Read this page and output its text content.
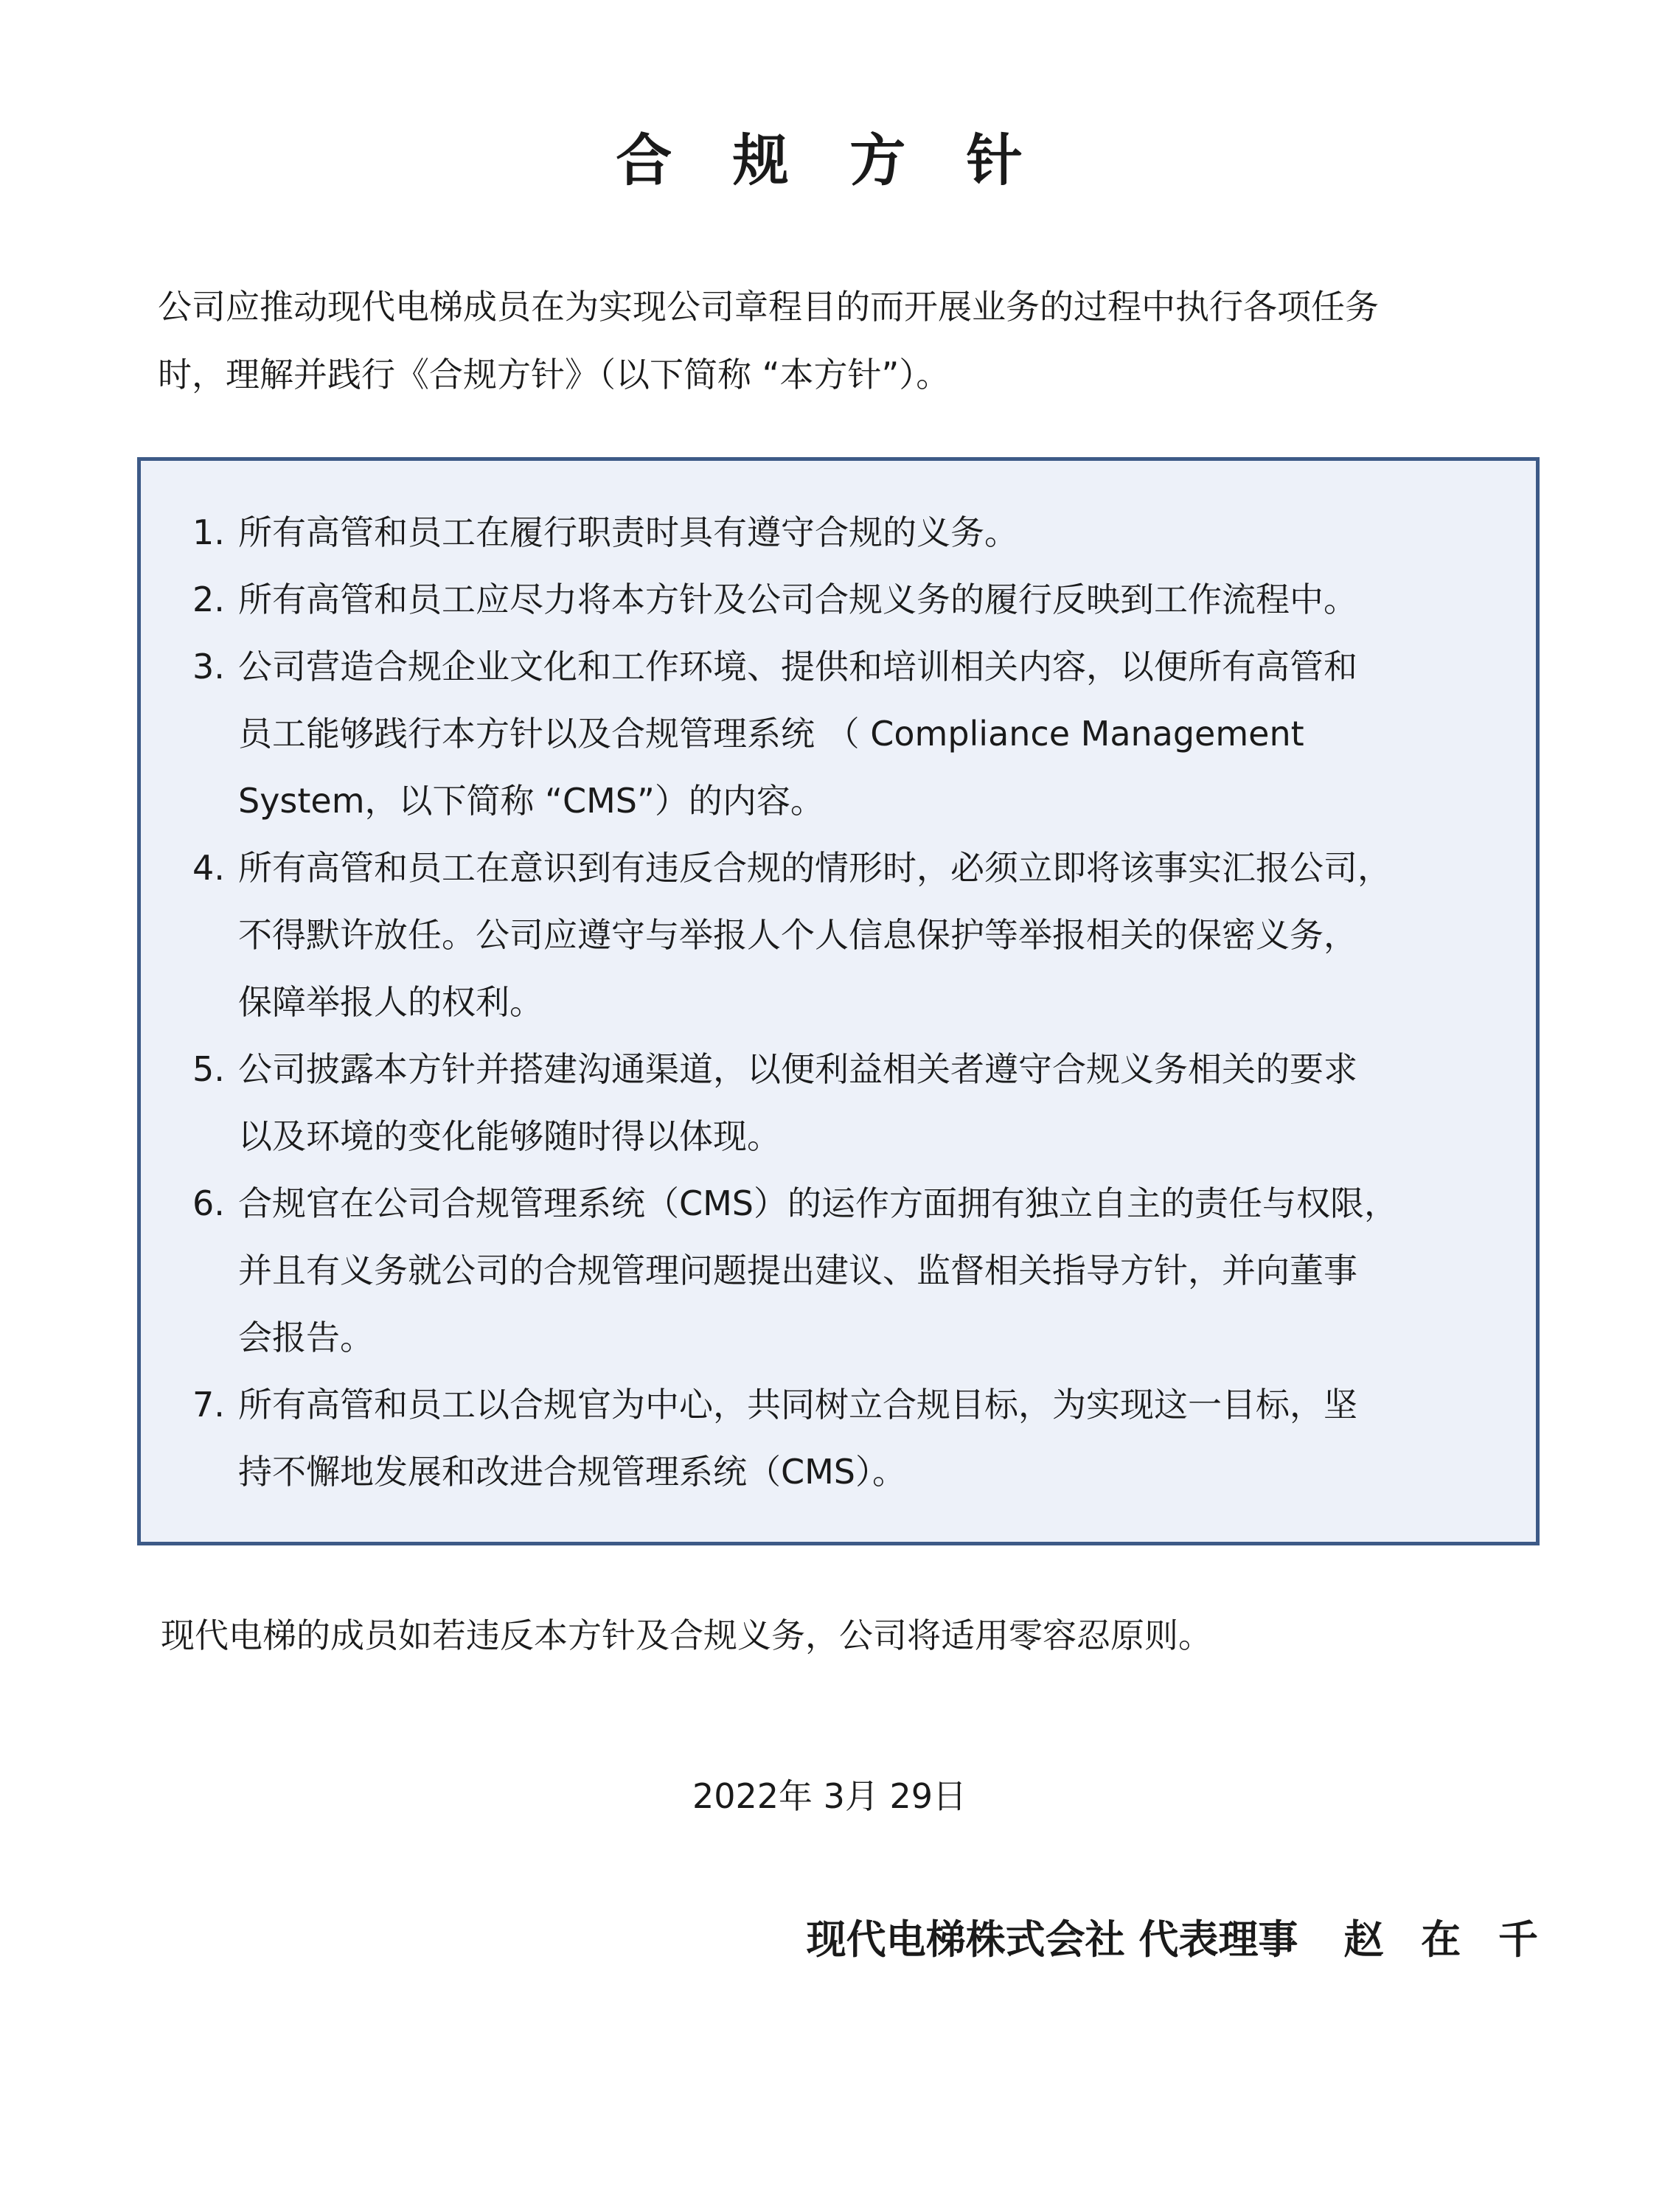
合 规 方 针

公司应推动现代电梯成员在为实现公司章程目的而开展业务的过程中执行各项任务

时，理解并践行《合规方针》（以下简称 “本方针”）。

1. 所有高管和员工在履行职责时具有遵守合规的义务。
2. 所有高管和员工应尽力将本方针及公司合规义务的履行反映到工作流程中。
3. 公司营造合规企业文化和工作环境、提供和培训相关内容，以便所有高管和
员工能够践行本方针以及合规管理系统 （ Compliance Management
System，以下简称 “CMS”）的内容。
4. 所有高管和员工在意识到有违反合规的情形时，必须立即将该事实汇报公司，
不得默许放任。公司应遵守与举报人个人信息保护等举报相关的保密义务，
保障举报人的权利。
5. 公司披露本方针并搭建沟通渠道，以便利益相关者遵守合规义务相关的要求
以及环境的变化能够随时得以体现。
6. 合规官在公司合规管理系统（CMS）的运作方面拥有独立自主的责任与权限，
并且有义务就公司的合规管理问题提出建议、监督相关指导方针，并向董事
会报告。
7. 所有高管和员工以合规官为中心，共同树立合规目标，为实现这一目标，坚
持不懈地发展和改进合规管理系统（CMS）。

现代电梯的成员如若违反本方针及合规义务，公司将适用零容忍原则。

2022年 3月 29日
现代电梯株式会社 代表理事 赵 在 千
